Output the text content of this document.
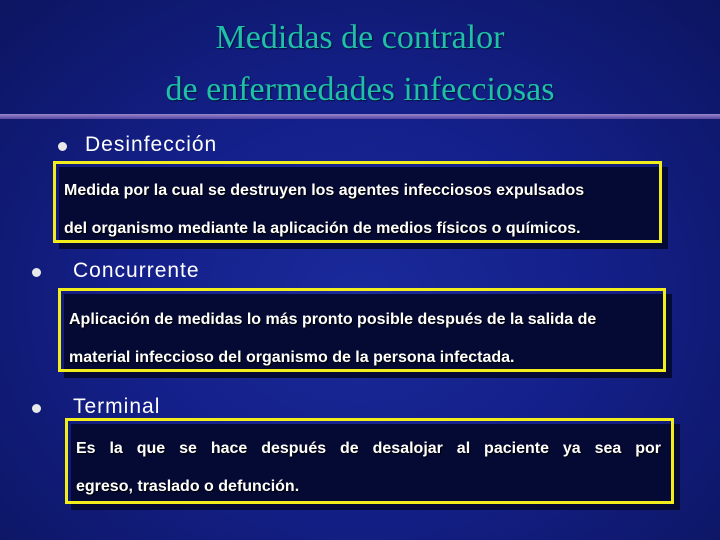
Medidas de contralor
de enfermedades infecciosas
Desinfección

Medida por la cual se destruyen los agentes infecciosos expulsados

del organismo mediante la aplicación de medios físicos o químicos.

Concurrente

Aplicación de medidas lo más pronto posible después de la salida de

material infeccioso del organismo de la persona infectada.

Terminal

Es la que se hace después de desalojar al paciente ya sea por

egreso, traslado o defunción.
